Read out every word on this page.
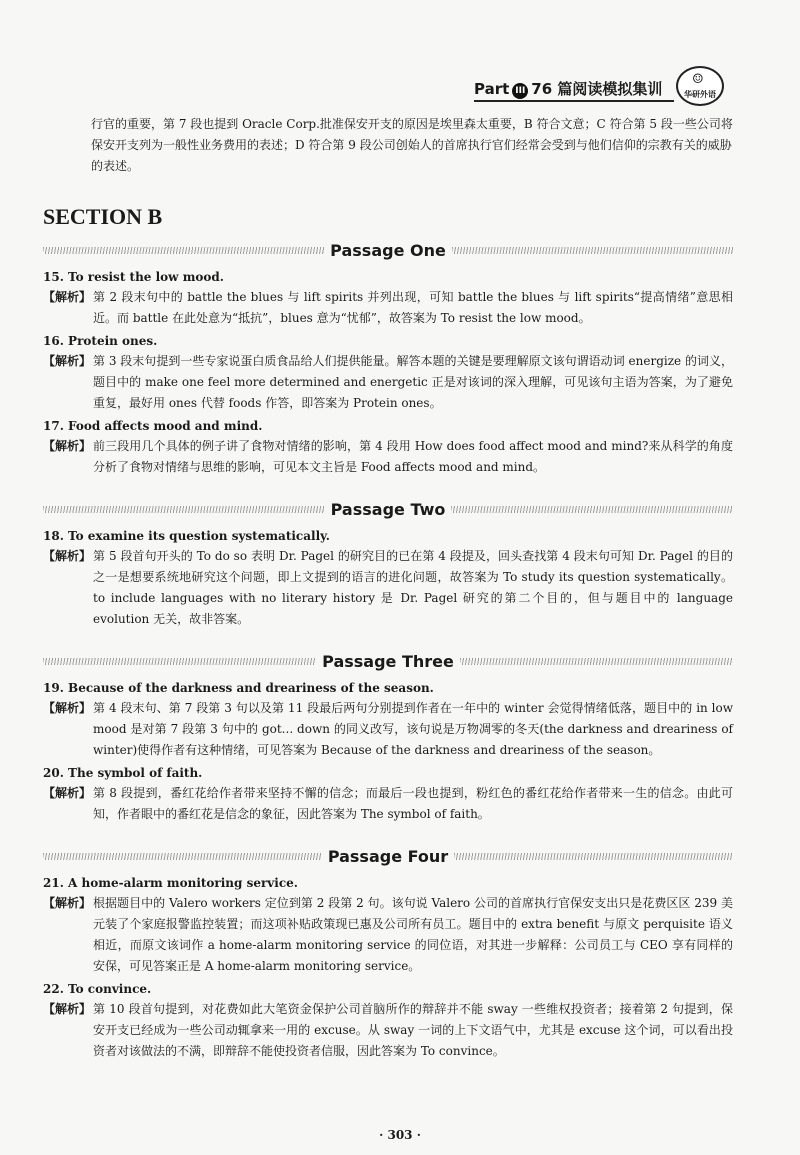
Part III 76 篇阅读模拟集训
☺
华研外语

行官的重要，第 7 段也提到 Oracle Corp.批准保安开支的原因是埃里森太重要，B 符合文意；C 符合第 5 段一些公司将保安开支列为一般性业务费用的表述；D 符合第 9 段公司创始人的首席执行官们经常会受到与他们信仰的宗教有关的威胁的表述。

SECTION B
Passage One
15. To resist the low mood.
【解析】 第 2 段末句中的 battle the blues 与 lift spirits 并列出现，可知 battle the blues 与 lift spirits“提高情绪”意思相近。而 battle 在此处意为“抵抗”，blues 意为“忧郁”，故答案为 To resist the low mood。
16. Protein ones.
【解析】 第 3 段末句提到一些专家说蛋白质食品给人们提供能量。解答本题的关键是要理解原文该句谓语动词 energize 的词义，题目中的 make one feel more determined and energetic 正是对该词的深入理解，可见该句主语为答案，为了避免重复，最好用 ones 代替 foods 作答，即答案为 Protein ones。
17. Food affects mood and mind.
【解析】 前三段用几个具体的例子讲了食物对情绪的影响，第 4 段用 How does food affect mood and mind?来从科学的角度分析了食物对情绪与思维的影响，可见本文主旨是 Food affects mood and mind。
Passage Two
18. To examine its question systematically.
【解析】 第 5 段首句开头的 To do so 表明 Dr. Pagel 的研究目的已在第 4 段提及，回头查找第 4 段末句可知 Dr. Pagel 的目的之一是想要系统地研究这个问题，即上文提到的语言的进化问题，故答案为 To study its question systematically。to include languages with no literary history 是 Dr. Pagel 研究的第二个目的，但与题目中的 language evolution 无关，故非答案。
Passage Three
19. Because of the darkness and dreariness of the season.
【解析】 第 4 段末句、第 7 段第 3 句以及第 11 段最后两句分别提到作者在一年中的 winter 会觉得情绪低落，题目中的 in low mood 是对第 7 段第 3 句中的 got... down 的同义改写，该句说是万物凋零的冬天(the darkness and dreariness of winter)使得作者有这种情绪，可见答案为 Because of the darkness and dreariness of the season。
20. The symbol of faith.
【解析】 第 8 段提到，番红花给作者带来坚持不懈的信念；而最后一段也提到，粉红色的番红花给作者带来一生的信念。由此可知，作者眼中的番红花是信念的象征，因此答案为 The symbol of faith。
Passage Four
21. A home-alarm monitoring service.
【解析】 根据题目中的 Valero workers 定位到第 2 段第 2 句。该句说 Valero 公司的首席执行官保安支出只是花费区区 239 美元装了个家庭报警监控装置；而这项补贴政策现已惠及公司所有员工。题目中的 extra benefit 与原文 perquisite 语义相近，而原文该词作 a home-alarm monitoring service 的同位语，对其进一步解释：公司员工与 CEO 享有同样的安保，可见答案正是 A home-alarm monitoring service。
22. To convince.
【解析】 第 10 段首句提到，对花费如此大笔资金保护公司首脑所作的辩辞并不能 sway 一些维权投资者；接着第 2 句提到，保安开支已经成为一些公司动辄拿来一用的 excuse。从 sway 一词的上下文语气中，尤其是 excuse 这个词，可以看出投资者对该做法的不满，即辩辞不能使投资者信服，因此答案为 To convince。
· 303 ·
